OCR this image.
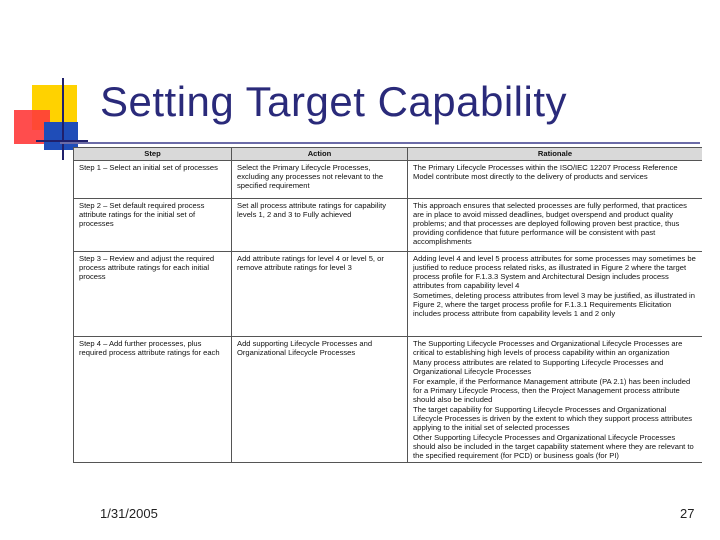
Setting Target Capability
Step	Action	Rationale
Step 1 – Select an initial set of processes	Select the Primary Lifecycle Processes, excluding any processes not relevant to the specified requirement	The Primary Lifecycle Processes within the ISO/IEC 12207 Process Reference Model contribute most directly to the delivery of products and services

Step 2 – Set default required process attribute ratings for the initial set of processes	Set all process attribute ratings for capability levels 1, 2 and 3 to Fully achieved	This approach ensures that selected processes are fully performed, that practices are in place to avoid missed deadlines, budget overspend and product quality problems; and that processes are deployed following proven best practice, thus providing confidence that future performance will be consistent with past accomplishments

Step 3 – Review and adjust the required process attribute ratings for each initial process	Add attribute ratings for level 4 or level 5, or remove attribute ratings for level 3	Adding level 4 and level 5 process attributes for some processes may sometimes be justified to reduce process related risks, as illustrated in Figure 2 where the target process profile for F.1.3.3 System and Architectural Design includes process attributes from capability level 4
Sometimes, deleting process attributes from level 3 may be justified, as illustrated in Figure 2, where the target process profile for F.1.3.1 Requirements Elicitation includes process attribute from capability levels 1 and 2 only

Step 4 – Add further processes, plus required process attribute ratings for each	Add supporting Lifecycle Processes and Organizational Lifecycle Processes	The Supporting Lifecycle Processes and Organizational Lifecycle Processes are critical to establishing high levels of process capability within an organization
Many process attributes are related to Supporting Lifecycle Processes and Organizational Lifecycle Processes
For example, if the Performance Management attribute (PA 2.1) has been included for a Primary Lifecycle Process, then the Project Management process attribute should also be included
The target capability for Supporting Lifecycle Processes and Organizational Lifecycle Processes is driven by the extent to which they support process attributes applying to the initial set of selected processes
Other Supporting Lifecycle Processes and Organizational Lifecycle Processes should also be included in the target capability statement where they are relevant to the specified requirement (for PCD) or business goals (for PI)
1/31/2005	27
